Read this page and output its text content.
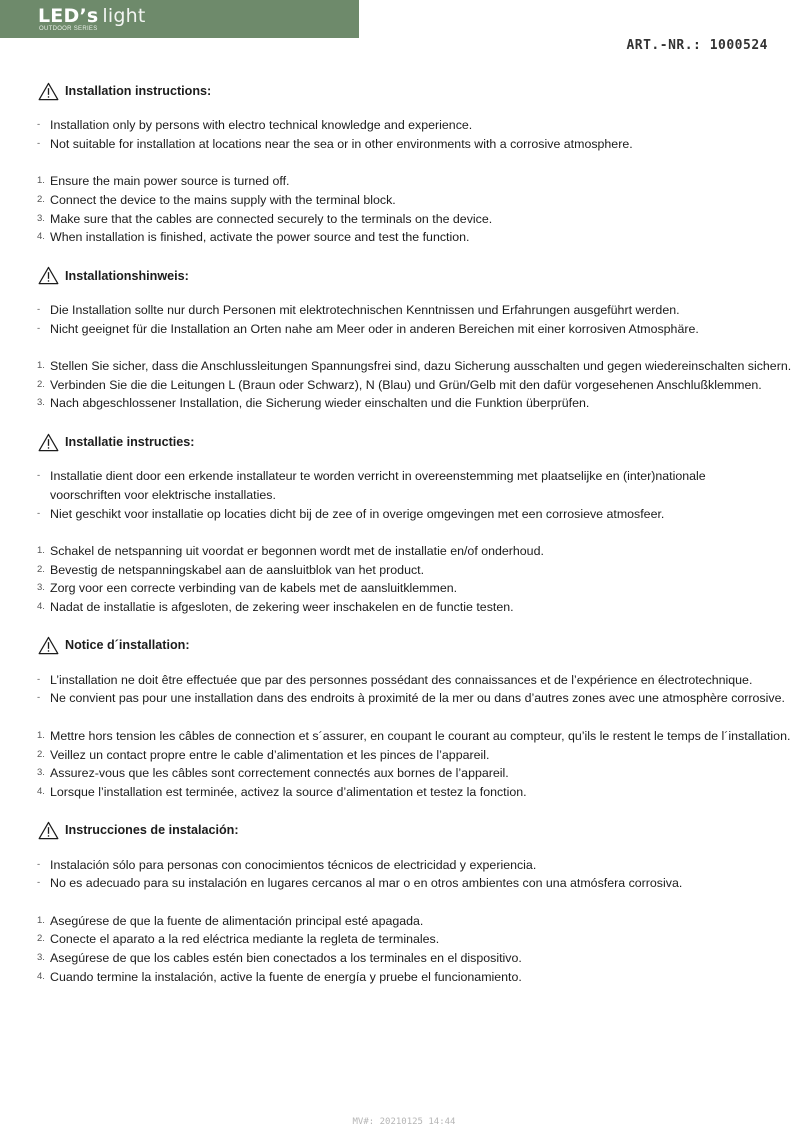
LED’s light
OUTDOOR SERIES
ART.-NR.: 1000524
Installation instructions:
- Installation only by persons with electro technical knowledge and experience.
- Not suitable for installation at locations near the sea or in other environments with a corrosive atmosphere.
1. Ensure the main power source is turned off.
2. Connect the device to the mains supply with the terminal block.
3. Make sure that the cables are connected securely to the terminals on the device.
4. When installation is finished, activate the power source and test the function.
Installationshinweis:
- Die Installation sollte nur durch Personen mit elektrotechnischen Kenntnissen und Erfahrungen ausgeführt werden.
- Nicht geeignet für die Installation an Orten nahe am Meer oder in anderen Bereichen mit einer korrosiven Atmosphäre.
1. Stellen Sie sicher, dass die Anschlussleitungen Spannungsfrei sind, dazu Sicherung ausschalten und gegen wiedereinschalten sichern.
2. Verbinden Sie die die Leitungen L (Braun oder Schwarz), N (Blau) und Grün/Gelb mit den dafür vorgesehenen Anschlußklemmen.
3. Nach abgeschlossener Installation, die Sicherung wieder einschalten und die Funktion überprüfen.
Installatie instructies:
- Installatie dient door een erkende installateur te worden verricht in overeenstemming met plaatselijke en (inter)nationale voorschriften voor elektrische installaties.
- Niet geschikt voor installatie op locaties dicht bij de zee of in overige omgevingen met een corrosieve atmosfeer.
1. Schakel de netspanning uit voordat er begonnen wordt met de installatie en/of onderhoud.
2. Bevestig de netspanningskabel aan de aansluitblok van het product.
3. Zorg voor een correcte verbinding van de kabels met de aansluitklemmen.
4. Nadat de installatie is afgesloten, de zekering weer inschakelen en de functie testen.
Notice d´installation:
- L’installation ne doit être effectuée que par des personnes possédant des connaissances et de l’expérience en électrotechnique.
- Ne convient pas pour une installation dans des endroits à proximité de la mer ou dans d’autres zones avec une atmosphère corrosive.
1. Mettre hors tension les câbles de connection et s´assurer, en coupant le courant au compteur, qu’ils le restent le temps de l´installation.
2. Veillez un contact propre entre le cable d’alimentation et les pinces de l’appareil.
3. Assurez-vous que les câbles sont correctement connectés aux bornes de l’appareil.
4. Lorsque l’installation est terminée, activez la source d’alimentation et testez la fonction.
Instrucciones de instalación:
- Instalación sólo para personas con conocimientos técnicos de electricidad y experiencia.
- No es adecuado para su instalación en lugares cercanos al mar o en otros ambientes con una atmósfera corrosiva.
1. Asegúrese de que la fuente de alimentación principal esté apagada.
2. Conecte el aparato a la red eléctrica mediante la regleta de terminales.
3. Asegúrese de que los cables estén bien conectados a los terminales en el dispositivo.
4. Cuando termine la instalación, active la fuente de energía y pruebe el funcionamiento.
MV#: 20210125 14:44
